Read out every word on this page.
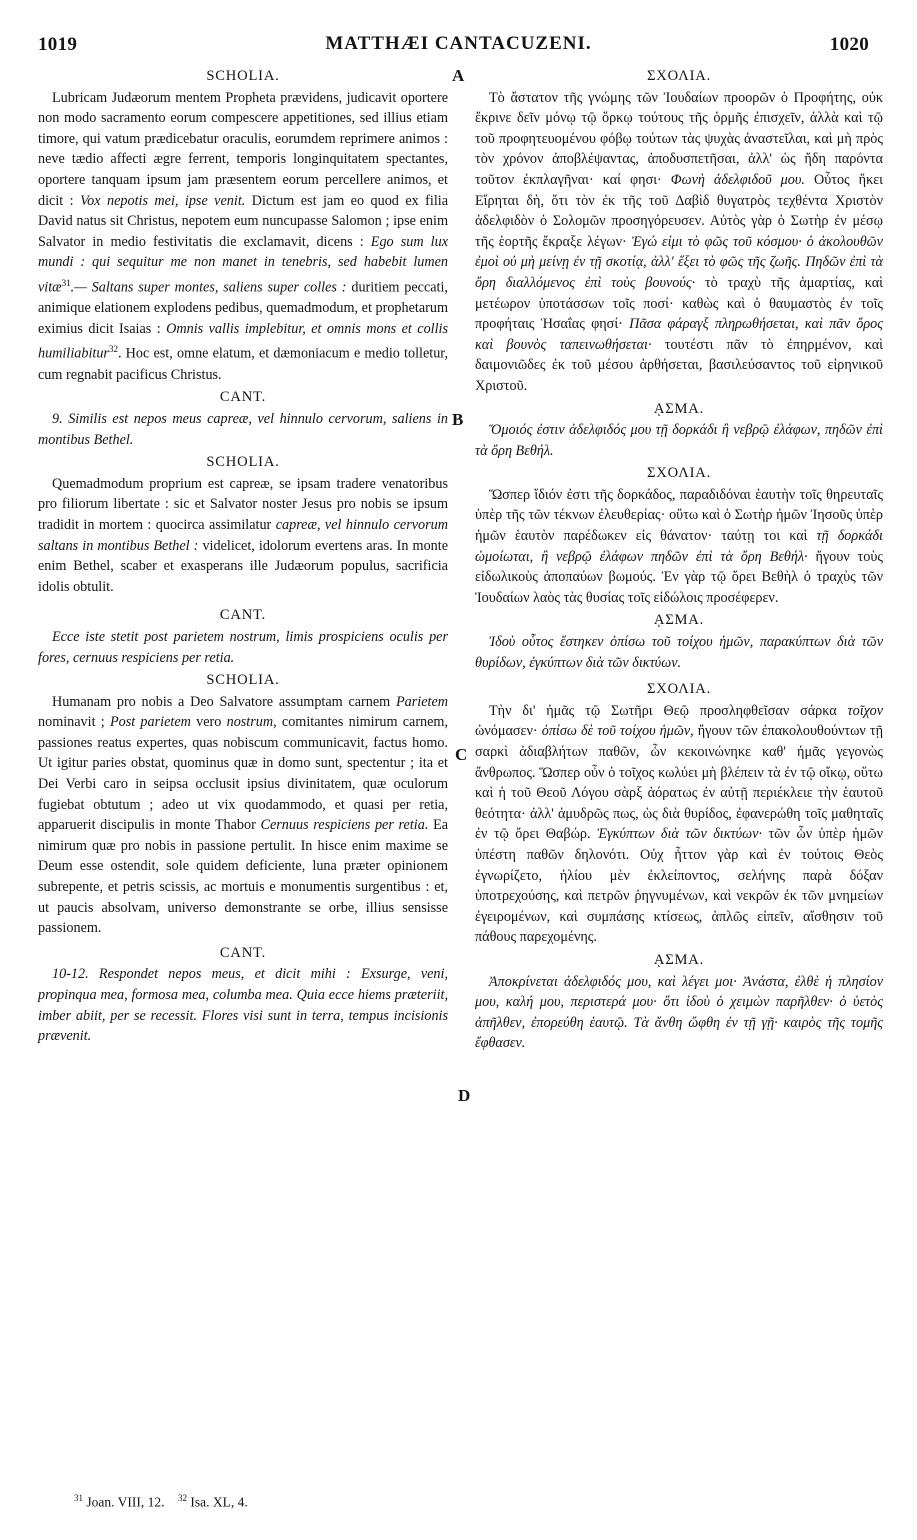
1019	MATTHÆI CANTACUZENI.	1020
A
B
C
D
SCHOLIA.

Lubricam Judæorum mentem Propheta prævidens, judicavit oportere non modo sacramento eorum compescere appetitiones, sed illius etiam timore, qui vatum prædicebatur oraculis, eorumdem reprimere animos : neve tædio affecti ægre ferrent, temporis longinquitatem spectantes, oportere tanquam ipsum jam præsentem eorum percellere animos, et dicit : Vox nepotis mei, ipse venit. Dictum est jam eo quod ex filia David natus sit Christus, nepotem eum nuncupasse Salomon ; ipse enim Salvator in medio festivitatis die exclamavit, dicens : Ego sum lux mundi : qui sequitur me non manet in tenebris, sed habebit lumen vitæ$^{31}$.— Saltans super montes, saliens super colles : duritiem peccati, animique elationem explodens pedibus, quemadmodum, et prophetarum eximius dicit Isaias : Omnis vallis implebitur, et omnis mons et collis humiliabitur$^{32}$. Hoc est, omne elatum, et dæmoniacum e medio tolletur, cum regnabit pacificus Christus.

CANT.

9. Similis est nepos meus capreæ, vel hinnulo cervorum, saliens in montibus Bethel.

SCHOLIA.

Quemadmodum proprium est capreæ, se ipsam tradere venatoribus pro filiorum libertate : sic et Salvator noster Jesus pro nobis se ipsum tradidit in mortem : quocirca assimilatur capreæ, vel hinnulo cervorum saltans in montibus Bethel : videlicet, idolorum evertens aras. In monte enim Bethel, scaber et exasperans ille Judæorum populus, sacrificia idolis obtulit.

CANT.

Ecce iste stetit post parietem nostrum, limis prospiciens oculis per fores, cernuus respiciens per retia.

SCHOLIA.

Humanam pro nobis a Deo Salvatore assumptam carnem Parietem nominavit ; Post parietem vero nostrum, comitantes nimirum carnem, passiones reatus expertes, quas nobiscum communicavit, factus homo. Ut igitur paries obstat, quominus quæ in domo sunt, spectentur ; ita et Dei Verbi caro in seipsa occlusit ipsius divinitatem, quæ oculorum fugiebat obtutum ; adeo ut vix quodammodo, et quasi per retia, apparuerit discipulis in monte Thabor Cernuus respiciens per retia. Ea nimirum quæ pro nobis in passione pertulit. In hisce enim maxime se Deum esse ostendit, sole quidem deficiente, luna præter opinionem subrepente, et petris scissis, ac mortuis e monumentis surgentibus : et, ut paucis absolvam, universo demonstrante se orbe, illius sensisse passionem.

CANT.

10-12. Respondet nepos meus, et dicit mihi : Exsurge, veni, propinqua mea, formosa mea, columba mea. Quia ecce hiems præteriit, imber abiit, per se recessit. Flores visi sunt in terra, tempus incisionis prævenit.

ΣΧΟΛΙΑ.

Τὸ ἄστατον τῆς γνώμης τῶν Ἰουδαίων προορῶν ὁ Προφήτης, οὐκ ἔκρινε δεῖν μόνῳ τῷ ὅρκῳ τούτους τῆς ὁρμῆς ἐπισχεῖν, ἀλλὰ καὶ τῷ τοῦ προφητευομένου φόβῳ τούτων τὰς ψυχὰς ἀναστεῖλαι, καὶ μὴ πρὸς τὸν χρόνον ἀποβλέψαντας, ἀποδυσπετῆσαι, ἀλλ' ὡς ἤδη παρόντα τοῦτον ἐκπλαγῆναι· καί φησι· Φωνὴ ἀδελφιδοῦ μου. Οὗτος ἥκει Εἴρηται δὴ, ὅτι τὸν ἐκ τῆς τοῦ Δαβὶδ θυγατρὸς τεχθέντα Χριστὸν ἀδελφιδὸν ὁ Σολομῶν προσηγόρευσεν. Αὐτὸς γὰρ ὁ Σωτὴρ ἐν μέσῳ τῆς ἑορτῆς ἔκραξε λέγων· Ἐγώ εἰμι τὸ φῶς τοῦ κόσμου· ὁ ἀκολουθῶν ἐμοὶ οὐ μὴ μείνῃ ἐν τῇ σκοτίᾳ, ἀλλ' ἕξει τὸ φῶς τῆς ζωῆς. Πηδῶν ἐπὶ τὰ ὄρη διαλλόμενος ἐπὶ τοὺς βουνούς· τὸ τραχὺ τῆς ἁμαρτίας, καὶ μετέωρον ὑποτάσσων τοῖς ποσί· καθὼς καὶ ὁ θαυμαστὸς ἐν τοῖς προφήταις Ἡσαΐας φησί· Πᾶσα φάραγξ πληρωθήσεται, καὶ πᾶν ὄρος καὶ βουνὸς ταπεινωθήσεται· τουτέστι πᾶν τὸ ἐπηρμένον, καὶ δαιμονιῶδες ἐκ τοῦ μέσου ἀρθήσεται, βασιλεύσαντος τοῦ εἰρηνικοῦ Χριστοῦ.

ᾼΣΜΑ.

Ὅμοιός ἐστιν ἀδελφιδός μου τῇ δορκάδι ἢ νεβρῷ ἐλάφων, πηδῶν ἐπὶ τὰ ὄρη Βεθήλ.

ΣΧΟΛΙΑ.

Ὥσπερ ἴδιόν ἐστι τῆς δορκάδος, παραδιδόναι ἑαυτὴν τοῖς θηρευταῖς ὑπὲρ τῆς τῶν τέκνων ἐλευθερίας· οὕτω καὶ ὁ Σωτὴρ ἡμῶν Ἰησοῦς ὑπὲρ ἡμῶν ἑαυτὸν παρέδωκεν εἰς θάνατον· ταύτῃ τοι καὶ τῇ δορκάδι ὡμοίωται, ἢ νεβρῷ ἐλάφων πηδῶν ἐπὶ τὰ ὄρη Βεθήλ· ἤγουν τοὺς εἰδωλικοὺς ἀποπαύων βωμούς. Ἐν γὰρ τῷ ὄρει Βεθὴλ ὁ τραχὺς τῶν Ἰουδαίων λαὸς τὰς θυσίας τοῖς εἰδώλοις προσέφερεν.

ᾼΣΜΑ.

Ἰδοὺ οὗτος ἕστηκεν ὀπίσω τοῦ τοίχου ἡμῶν, παρακύπτων διὰ τῶν θυρίδων, ἐγκύπτων διὰ τῶν δικτύων.

ΣΧΟΛΙΑ.

Τὴν δι' ἡμᾶς τῷ Σωτῆρι Θεῷ προσληφθεῖσαν σάρκα τοῖχον ὠνόμασεν· ὀπίσω δὲ τοῦ τοίχου ἡμῶν, ἤγουν τῶν ἐπακολουθούντων τῇ σαρκὶ ἀδιαβλήτων παθῶν, ὧν κεκοινώνηκε καθ' ἡμᾶς γεγονὼς ἄνθρωπος. Ὥσπερ οὖν ὁ τοῖχος κωλύει μὴ βλέπειν τὰ ἐν τῷ οἴκῳ, οὕτω καὶ ἡ τοῦ Θεοῦ Λόγου σὰρξ ἀόρατως ἐν αὐτῇ περιέκλειε τὴν ἑαυτοῦ θεότητα· ἀλλ' ἀμυδρῶς πως, ὡς διὰ θυρίδος, ἐφανερώθη τοῖς μαθηταῖς ἐν τῷ ὄρει Θαβώρ. Ἐγκύπτων διὰ τῶν δικτύων· τῶν ὧν ὑπὲρ ἡμῶν ὑπέστη παθῶν δηλονότι. Οὐχ ἧττον γὰρ καὶ ἐν τούτοις Θεὸς ἐγνωρίζετο, ἡλίου μὲν ἐκλείποντος, σελήνης παρὰ δόξαν ὑποτρεχούσης, καὶ πετρῶν ῥηγνυμένων, καὶ νεκρῶν ἐκ τῶν μνημείων ἐγειρομένων, καὶ συμπάσης κτίσεως, ἁπλῶς εἰπεῖν, αἴσθησιν τοῦ πάθους παρεχομένης.

ᾼΣΜΑ.

Ἀποκρίνεται ἀδελφιδός μου, καὶ λέγει μοι· Ἀνάστα, ἐλθὲ ἡ πλησίον μου, καλή μου, περιστερά μου· ὅτι ἰδοὺ ὁ χειμὼν παρῆλθεν· ὁ ὑετὸς ἀπῆλθεν, ἐπορεύθη ἑαυτῷ. Τὰ ἄνθη ὤφθη ἐν τῇ γῇ· καιρὸς τῆς τομῆς ἔφθασεν.

$^{31}$ Joan. VIII, 12. $^{32}$ Isa. XL, 4.
